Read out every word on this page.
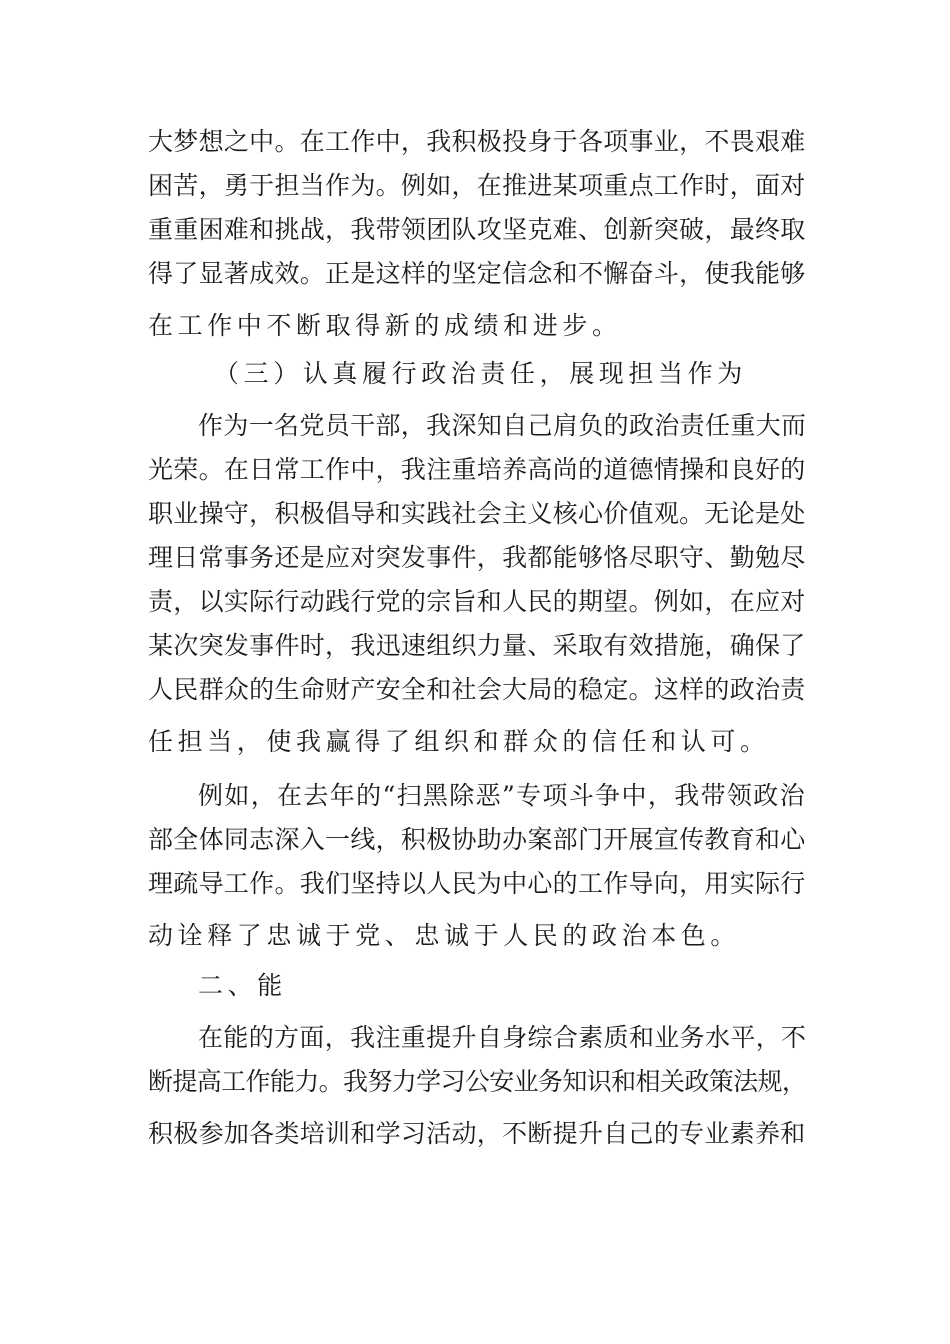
大梦想之中。在工作中，我积极投身于各项事业，不畏艰难
困苦，勇于担当作为。例如，在推进某项重点工作时，面对
重重困难和挑战，我带领团队攻坚克难、创新突破，最终取
得了显著成效。正是这样的坚定信念和不懈奋斗，使我能够
在工作中不断取得新的成绩和进步。
（三）认真履行政治责任，展现担当作为
作为一名党员干部，我深知自己肩负的政治责任重大而
光荣。在日常工作中，我注重培养高尚的道德情操和良好的
职业操守，积极倡导和实践社会主义核心价值观。无论是处
理日常事务还是应对突发事件，我都能够恪尽职守、勤勉尽
责，以实际行动践行党的宗旨和人民的期望。例如，在应对
某次突发事件时，我迅速组织力量、采取有效措施，确保了
人民群众的生命财产安全和社会大局的稳定。这样的政治责
任担当，使我赢得了组织和群众的信任和认可。
例如，在去年的“扫黑除恶”专项斗争中，我带领政治
部全体同志深入一线，积极协助办案部门开展宣传教育和心
理疏导工作。我们坚持以人民为中心的工作导向，用实际行
动诠释了忠诚于党、忠诚于人民的政治本色。
二、能
在能的方面，我注重提升自身综合素质和业务水平，不
断提高工作能力。我努力学习公安业务知识和相关政策法规，
积极参加各类培训和学习活动，不断提升自己的专业素养和
